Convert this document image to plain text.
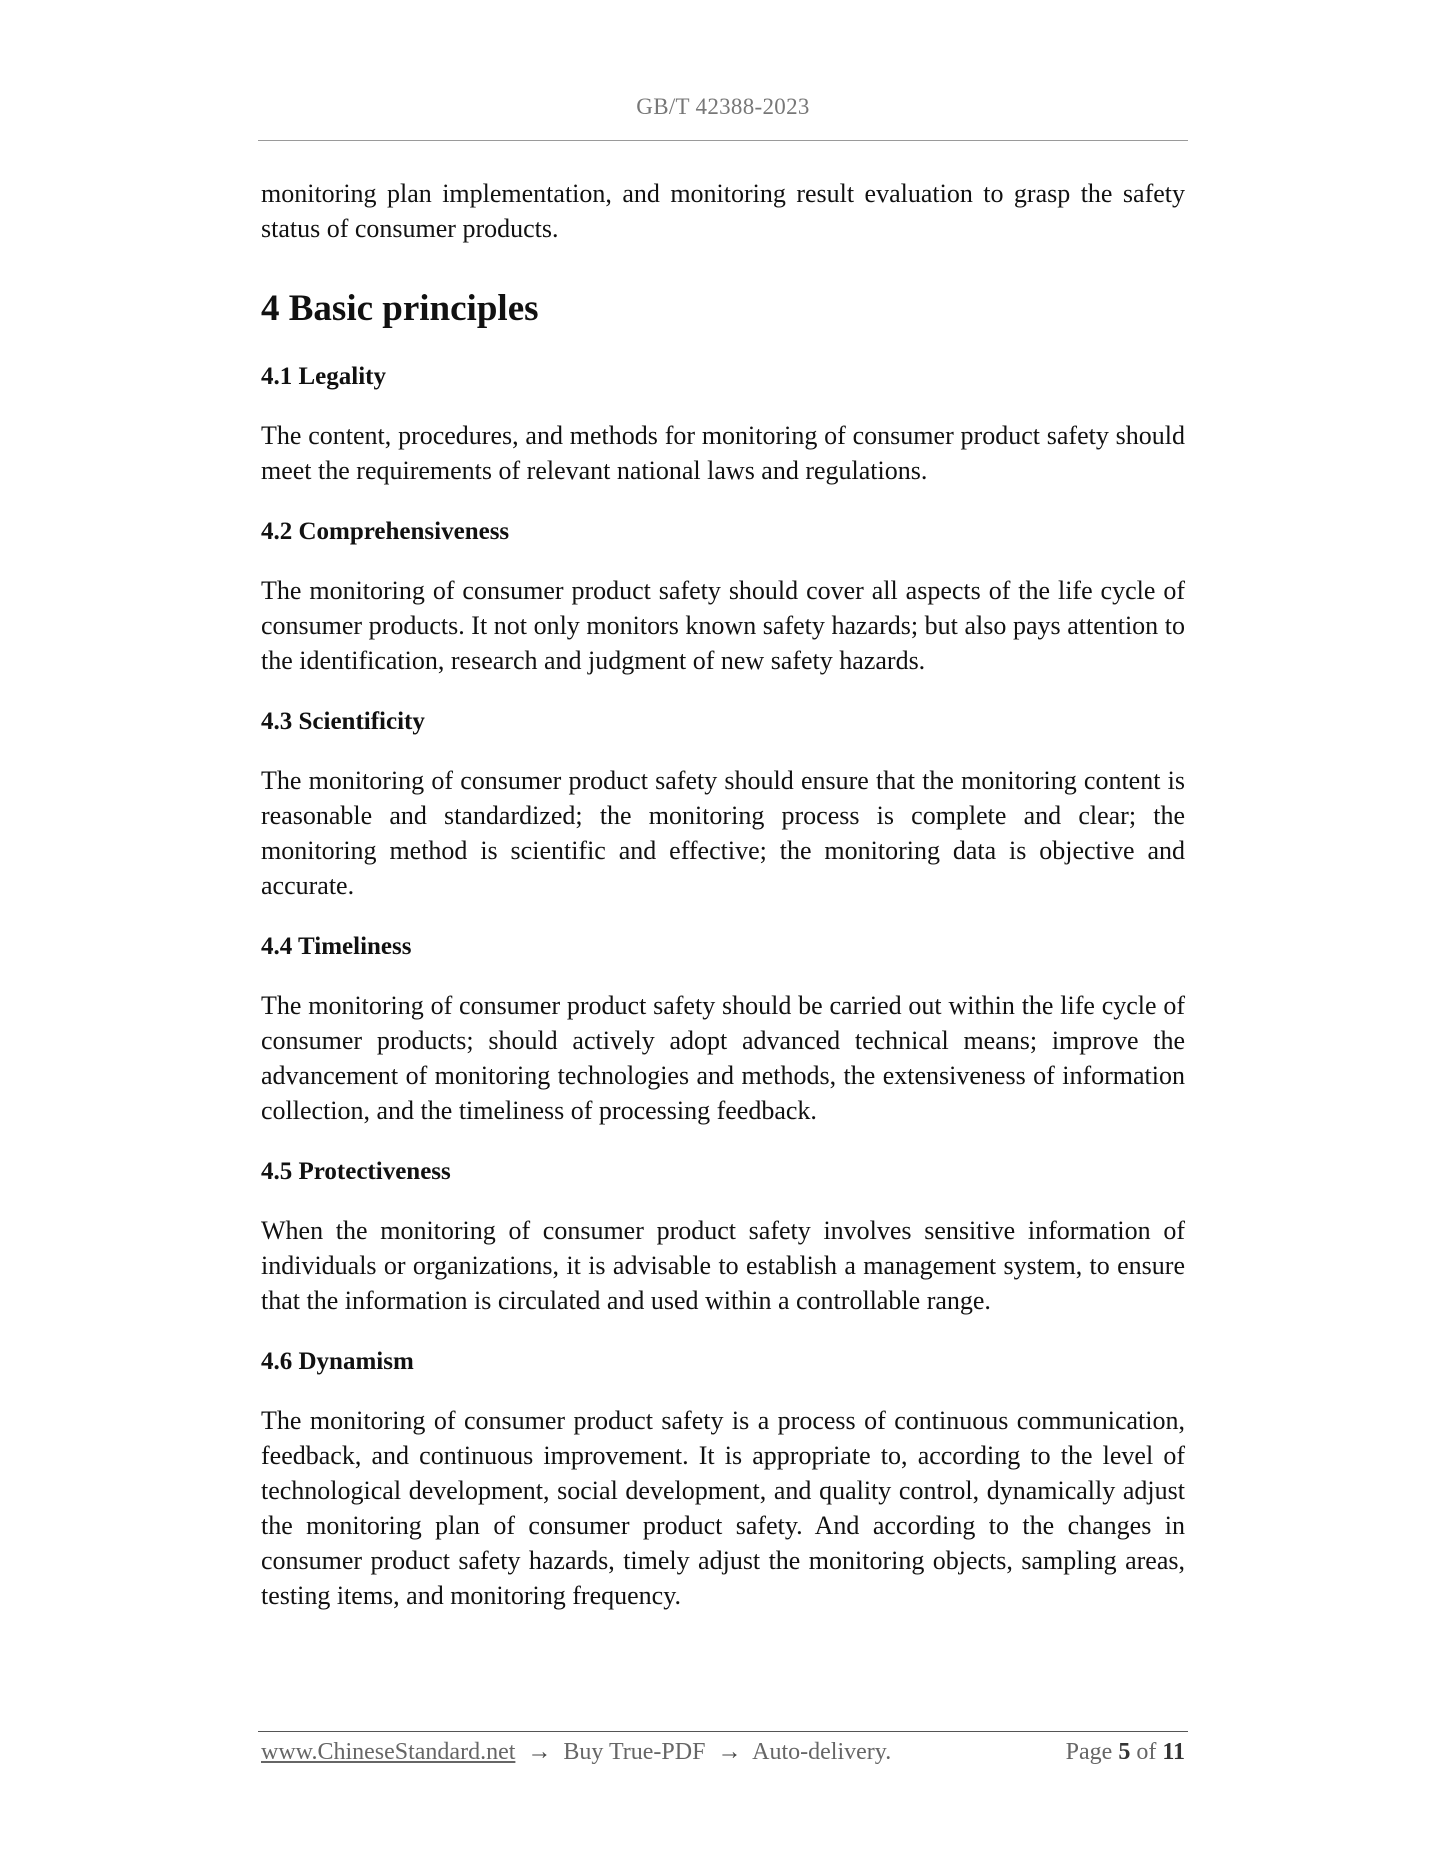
GB/T 42388-2023

monitoring plan implementation, and monitoring result evaluation to grasp the safety status of consumer products.

4 Basic principles
4.1 Legality

The content, procedures, and methods for monitoring of consumer product safety should meet the requirements of relevant national laws and regulations.

4.2 Comprehensiveness

The monitoring of consumer product safety should cover all aspects of the life cycle of consumer products. It not only monitors known safety hazards; but also pays attention to the identification, research and judgment of new safety hazards.

4.3 Scientificity

The monitoring of consumer product safety should ensure that the monitoring content is reasonable and standardized; the monitoring process is complete and clear; the monitoring method is scientific and effective; the monitoring data is objective and accurate.

4.4 Timeliness

The monitoring of consumer product safety should be carried out within the life cycle of consumer products; should actively adopt advanced technical means; improve the advancement of monitoring technologies and methods, the extensiveness of information collection, and the timeliness of processing feedback.

4.5 Protectiveness

When the monitoring of consumer product safety involves sensitive information of individuals or organizations, it is advisable to establish a management system, to ensure that the information is circulated and used within a controllable range.

4.6 Dynamism

The monitoring of consumer product safety is a process of continuous communication, feedback, and continuous improvement. It is appropriate to, according to the level of technological development, social development, and quality control, dynamically adjust the monitoring plan of consumer product safety. And according to the changes in consumer product safety hazards, timely adjust the monitoring objects, sampling areas, testing items, and monitoring frequency.

www.ChineseStandard.net → Buy True-PDF → Auto-delivery.	Page 5 of 11
